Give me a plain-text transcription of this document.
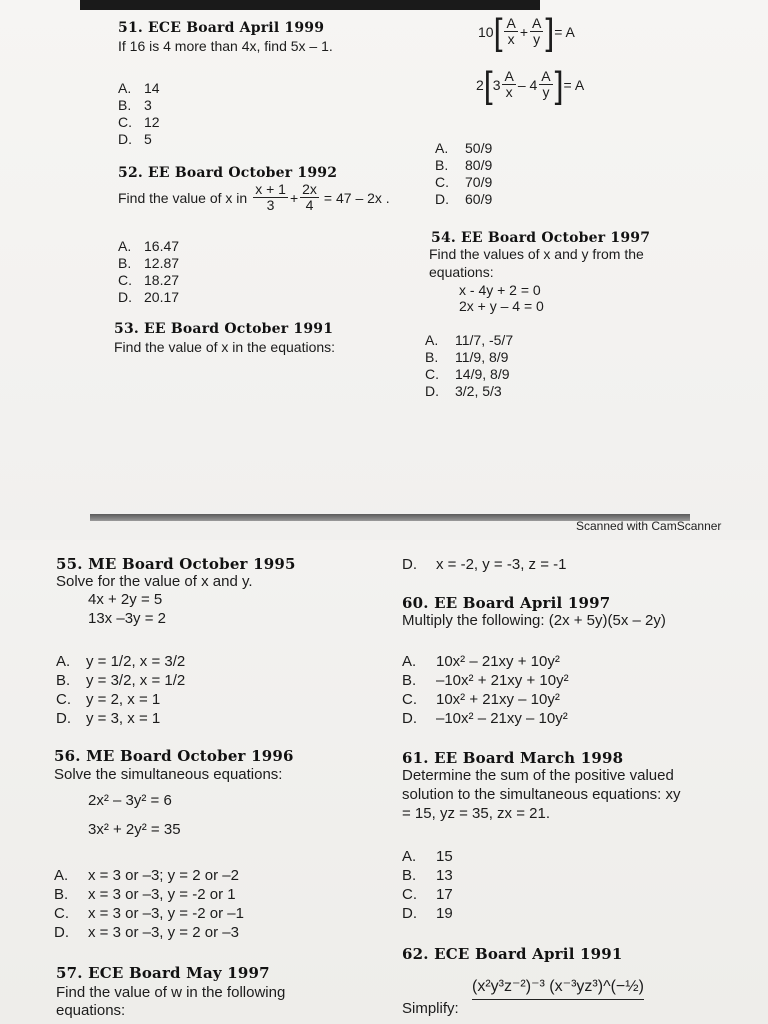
51. ECE Board April 1999
If 16 is 4 more than 4x, find 5x – 1.
A. 14
B. 3
C. 12
D. 5
52. EE Board October 1992
Find the value of x in $\frac{x + 1}{3} + \frac{2x}{4} = 47 - 2x$ .
A. 16.47
B. 12.87
C. 18.27
D. 20.17
53. EE Board October 1991
Find the value of x in the equations:
10 [ $\frac{A}{x} + \frac{A}{y}$ ] = A
2 [ $3 \frac{A}{x} - 4 \frac{A}{y}$ ] = A
A. 50/9
B. 80/9
C. 70/9
D. 60/9
54. EE Board October 1997
Find the values of x and y from the
equations:
x - 4y + 2 = 0
2x + y – 4 = 0
A. 11/7, -5/7
B. 11/9, 8/9
C. 14/9, 8/9
D. 3/2, 5/3
Scanned with CamScanner
55. ME Board October 1995
Solve for the value of x and y.
4x + 2y = 5
13x –3y = 2
A. y = 1/2, x = 3/2
B. y = 3/2, x = 1/2
C. y = 2, x = 1
D. y = 3, x = 1
56. ME Board October 1996
Solve the simultaneous equations:
2x² – 3y² = 6
3x² + 2y² = 35
A. x = 3 or –3; y = 2 or –2
B. x = 3 or –3, y = -2 or 1
C. x = 3 or –3, y = -2 or –1
D. x = 3 or –3, y = 2 or –3
57. ECE Board May 1997
Find the value of w in the following
equations:
D. x = -2, y = -3, z = -1
60. EE Board April 1997
Multiply the following: (2x + 5y)(5x – 2y)
A. 10x² – 21xy + 10y²
B. –10x² + 21xy + 10y²
C. 10x² + 21xy – 10y²
D. –10x² – 21xy – 10y²
61. EE Board March 1998
Determine the sum of the positive valued
solution to the simultaneous equations: xy
= 15, yz = 35, zx = 21.
A. 15
B. 13
C. 17
D. 19
62. ECE Board April 1991
Simplify:
(x²y³z⁻²)⁻³ (x⁻³yz³)^(−½)
